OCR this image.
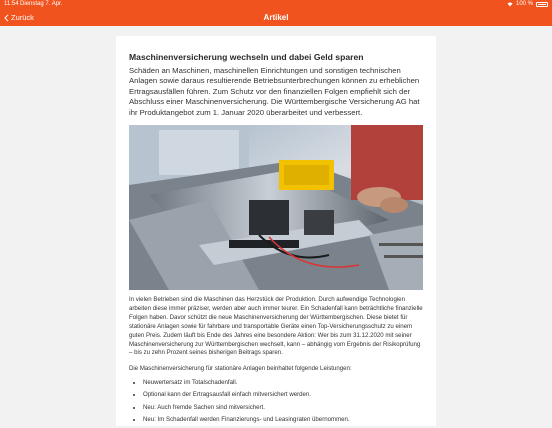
11:54 Dienstag 7. Apr.	100 %
Zurück	Artikel
Maschinenversicherung wechseln und dabei Geld sparen

Schäden an Maschinen, maschinellen Einrichtungen und sonstigen technischen Anlagen sowie daraus resultierende Betriebsunterbrechungen können zu erheblichen Ertragsausfällen führen. Zum Schutz vor den finanziellen Folgen empfiehlt sich der Abschluss einer Maschinenversicherung. Die Württembergische Versicherung AG hat ihr Produktangebot zum 1. Januar 2020 überarbeitet und verbessert.

In vielen Betrieben sind die Maschinen das Herzstück der Produktion. Durch aufwendige Technologien arbeiten diese immer präziser, werden aber auch immer teurer. Ein Schadenfall kann beträchtliche finanzielle Folgen haben. Davor schützt die neue Maschinenversicherung der Württembergischen. Diese bietet für stationäre Anlagen sowie für fahrbare und transportable Geräte einen Top-Versicherungsschutz zu einem guten Preis. Zudem läuft bis Ende des Jahres eine besondere Aktion: Wer bis zum 31.12.2020 mit seiner Maschinenversicherung zur Württembergischen wechselt, kann – abhängig vom Ergebnis der Risikoprüfung – bis zu zehn Prozent seines bisherigen Beitrags sparen.

Die Maschinenversicherung für stationäre Anlagen beinhaltet folgende Leistungen:

• Neuwertersatz im Totalschadenfall.
• Optional kann der Ertragsausfall einfach mitversichert werden.
• Neu: Auch fremde Sachen sind mitversichert.
• Neu: Im Schadenfall werden Finanzierungs- und Leasingraten übernommen.
